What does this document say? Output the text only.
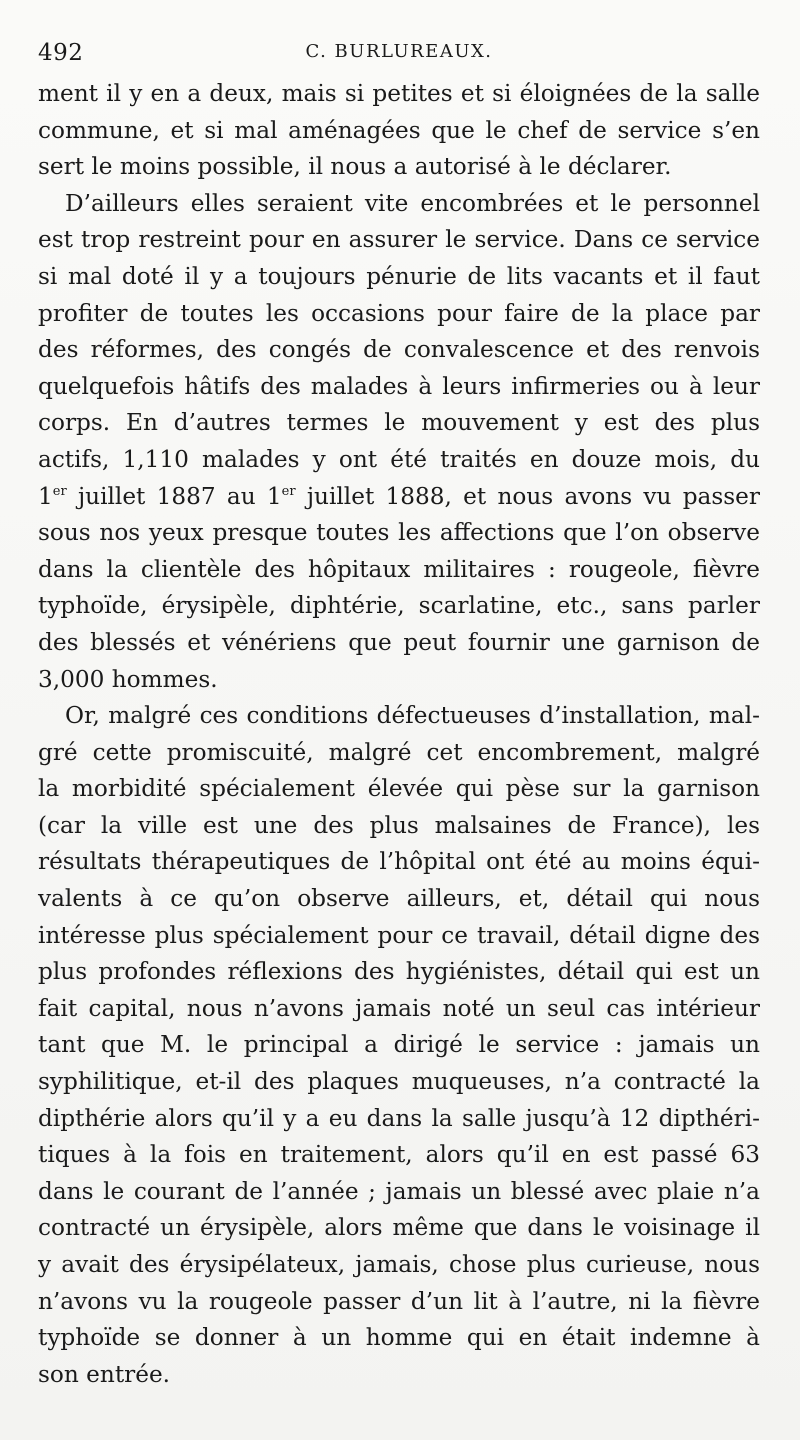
492	C. BURLUREAUX.

ment il y en a deux, mais si petites et si éloignées de la salle
commune, et si mal aménagées que le chef de service s’en
sert le moins possible, il nous a autorisé à le déclarer.

D’ailleurs elles seraient vite encombrées et le personnel
est trop restreint pour en assurer le service. Dans ce service
si mal doté il y a toujours pénurie de lits vacants et il faut
profiter de toutes les occasions pour faire de la place par
des réformes, des congés de convalescence et des renvois
quelquefois hâtifs des malades à leurs infirmeries ou à leur
corps. En d’autres termes le mouvement y est des plus
actifs, 1,110 malades y ont été traités en douze mois, du
1er juillet 1887 au 1er juillet 1888, et nous avons vu passer
sous nos yeux presque toutes les affections que l’on observe
dans la clientèle des hôpitaux militaires : rougeole, fièvre
typhoïde, érysipèle, diphtérie, scarlatine, etc., sans parler
des blessés et vénériens que peut fournir une garnison de
3,000 hommes.

Or, malgré ces conditions défectueuses d’installation, mal-
gré cette promiscuité, malgré cet encombrement, malgré
la morbidité spécialement élevée qui pèse sur la garnison
(car la ville est une des plus malsaines de France), les
résultats thérapeutiques de l’hôpital ont été au moins équi-
valents à ce qu’on observe ailleurs, et, détail qui nous
intéresse plus spécialement pour ce travail, détail digne des
plus profondes réflexions des hygiénistes, détail qui est un
fait capital, nous n’avons jamais noté un seul cas intérieur
tant que M. le principal a dirigé le service : jamais un
syphilitique, et-il des plaques muqueuses, n’a contracté la
dipthérie alors qu’il y a eu dans la salle jusqu’à 12 dipthéri-
tiques à la fois en traitement, alors qu’il en est passé 63
dans le courant de l’année ; jamais un blessé avec plaie n’a
contracté un érysipèle, alors même que dans le voisinage il
y avait des érysipélateux, jamais, chose plus curieuse, nous
n’avons vu la rougeole passer d’un lit à l’autre, ni la fièvre
typhoïde se donner à un homme qui en était indemne à
son entrée.
